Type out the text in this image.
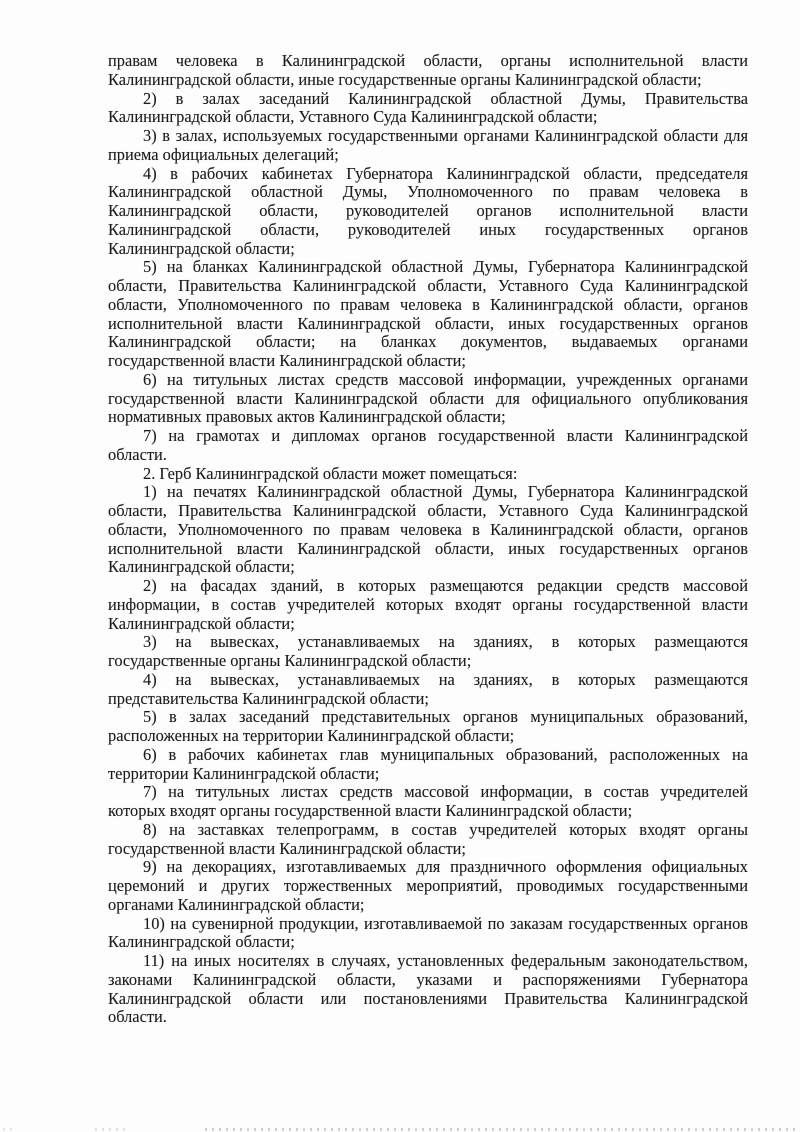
правам человека в Калининградской области, органы исполнительной власти
Калининградской области, иные государственные органы Калининградской области;
2) в залах заседаний Калининградской областной Думы, Правительства
Калининградской области, Уставного Суда Калининградской области;
3) в залах, используемых государственными органами Калининградской области для
приема официальных делегаций;
4) в рабочих кабинетах Губернатора Калининградской области, председателя
Калининградской областной Думы, Уполномоченного по правам человека в
Калининградской области, руководителей органов исполнительной власти
Калининградской области, руководителей иных государственных органов
Калининградской области;
5) на бланках Калининградской областной Думы, Губернатора Калининградской
области, Правительства Калининградской области, Уставного Суда Калининградской
области, Уполномоченного по правам человека в Калининградской области, органов
исполнительной власти Калининградской области, иных государственных органов
Калининградской области; на бланках документов, выдаваемых органами
государственной власти Калининградской области;
6) на титульных листах средств массовой информации, учрежденных органами
государственной власти Калининградской области для официального опубликования
нормативных правовых актов Калининградской области;
7) на грамотах и дипломах органов государственной власти Калининградской
области.
2. Герб Калининградской области может помещаться:
1) на печатях Калининградской областной Думы, Губернатора Калининградской
области, Правительства Калининградской области, Уставного Суда Калининградской
области, Уполномоченного по правам человека в Калининградской области, органов
исполнительной власти Калининградской области, иных государственных органов
Калининградской области;
2) на фасадах зданий, в которых размещаются редакции средств массовой
информации, в состав учредителей которых входят органы государственной власти
Калининградской области;
3) на вывесках, устанавливаемых на зданиях, в которых размещаются
государственные органы Калининградской области;
4) на вывесках, устанавливаемых на зданиях, в которых размещаются
представительства Калининградской области;
5) в залах заседаний представительных органов муниципальных образований,
расположенных на территории Калининградской области;
6) в рабочих кабинетах глав муниципальных образований, расположенных на
территории Калининградской области;
7) на титульных листах средств массовой информации, в состав учредителей
которых входят органы государственной власти Калининградской области;
8) на заставках телепрограмм, в состав учредителей которых входят органы
государственной власти Калининградской области;
9) на декорациях, изготавливаемых для праздничного оформления официальных
церемоний и других торжественных мероприятий, проводимых государственными
органами Калининградской области;
10) на сувенирной продукции, изготавливаемой по заказам государственных органов
Калининградской области;
11) на иных носителях в случаях, установленных федеральным законодательством,
законами Калининградской области, указами и распоряжениями Губернатора
Калининградской области или постановлениями Правительства Калининградской
области.
